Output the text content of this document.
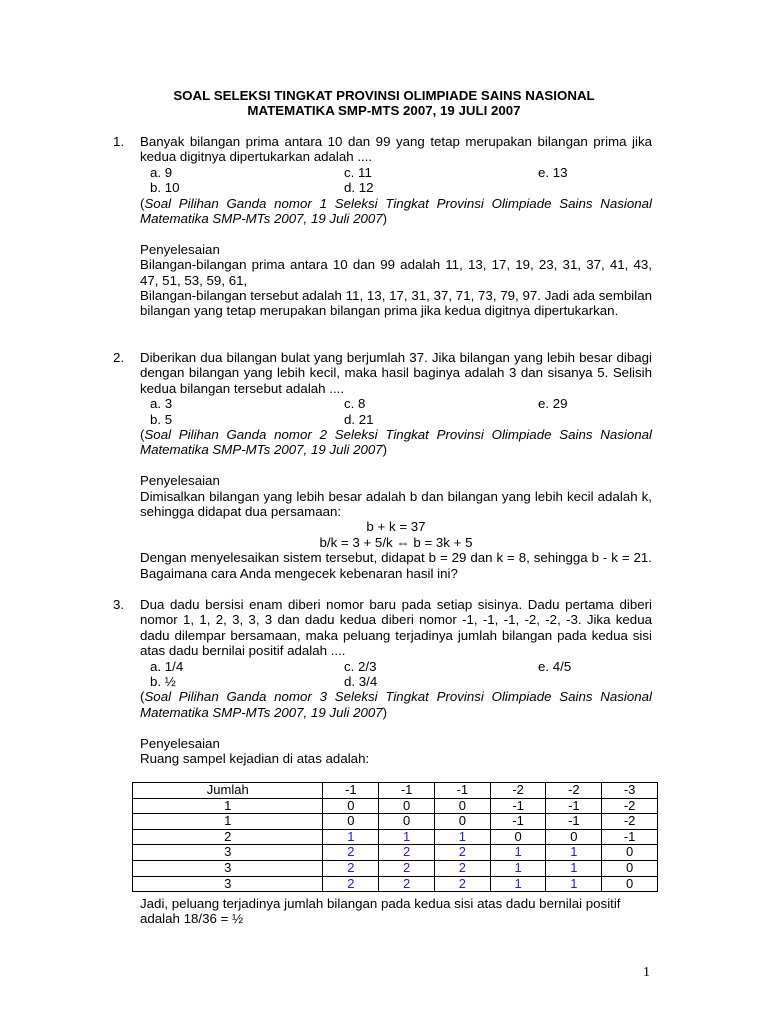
SOAL SELEKSI TINGKAT PROVINSI OLIMPIADE SAINS NASIONAL
MATEMATIKA SMP-MTS 2007, 19 JULI 2007
1.	Banyak bilangan prima antara 10 dan 99 yang tetap merupakan bilangan prima jika kedua digitnya dipertukarkan adalah ....
a. 9	c. 11	e. 13
b. 10	d. 12
(Soal Pilihan Ganda nomor 1 Seleksi Tingkat Provinsi Olimpiade Sains Nasional Matematika SMP-MTs 2007, 19 Juli 2007)
Penyelesaian
Bilangan-bilangan prima antara 10 dan 99 adalah 11, 13, 17, 19, 23, 31, 37, 41, 43, 47, 51, 53, 59, 61,
Bilangan-bilangan tersebut adalah 11, 13, 17, 31, 37, 71, 73, 79, 97. Jadi ada sembilan bilangan yang tetap merupakan bilangan prima jika kedua digitnya dipertukarkan.
2.	Diberikan dua bilangan bulat yang berjumlah 37. Jika bilangan yang lebih besar dibagi dengan bilangan yang lebih kecil, maka hasil baginya adalah 3 dan sisanya 5. Selisih kedua bilangan tersebut adalah ....
a. 3	c. 8	e. 29
b. 5	d. 21
(Soal Pilihan Ganda nomor 2 Seleksi Tingkat Provinsi Olimpiade Sains Nasional Matematika SMP-MTs 2007, 19 Juli 2007)
Penyelesaian
Dimisalkan bilangan yang lebih besar adalah b dan bilangan yang lebih kecil adalah k, sehingga didapat dua persamaan:
b + k = 37
b/k = 3 + 5/k ⇔ b = 3k + 5
Dengan menyelesaikan sistem tersebut, didapat b = 29 dan k = 8, sehingga b - k = 21. Bagaimana cara Anda mengecek kebenaran hasil ini?
3.	Dua dadu bersisi enam diberi nomor baru pada setiap sisinya. Dadu pertama diberi nomor 1, 1, 2, 3, 3, 3 dan dadu kedua diberi nomor -1, -1, -1, -2, -2, -3. Jika kedua dadu dilempar bersamaan, maka peluang terjadinya jumlah bilangan pada kedua sisi atas dadu bernilai positif adalah ....
a. 1/4	c. 2/3	e. 4/5
b. ½	d. 3/4
(Soal Pilihan Ganda nomor 3 Seleksi Tingkat Provinsi Olimpiade Sains Nasional Matematika SMP-MTs 2007, 19 Juli 2007)
Penyelesaian
Ruang sampel kejadian di atas adalah:
Jumlah	-1	-1	-1	-2	-2	-3
1	0	0	0	-1	-1	-2
1	0	0	0	-1	-1	-2
2	1	1	1	0	0	-1
3	2	2	2	1	1	0
3	2	2	2	1	1	0
3	2	2	2	1	1	0
Jadi, peluang terjadinya jumlah bilangan pada kedua sisi atas dadu bernilai positif adalah 18/36 = ½
1
